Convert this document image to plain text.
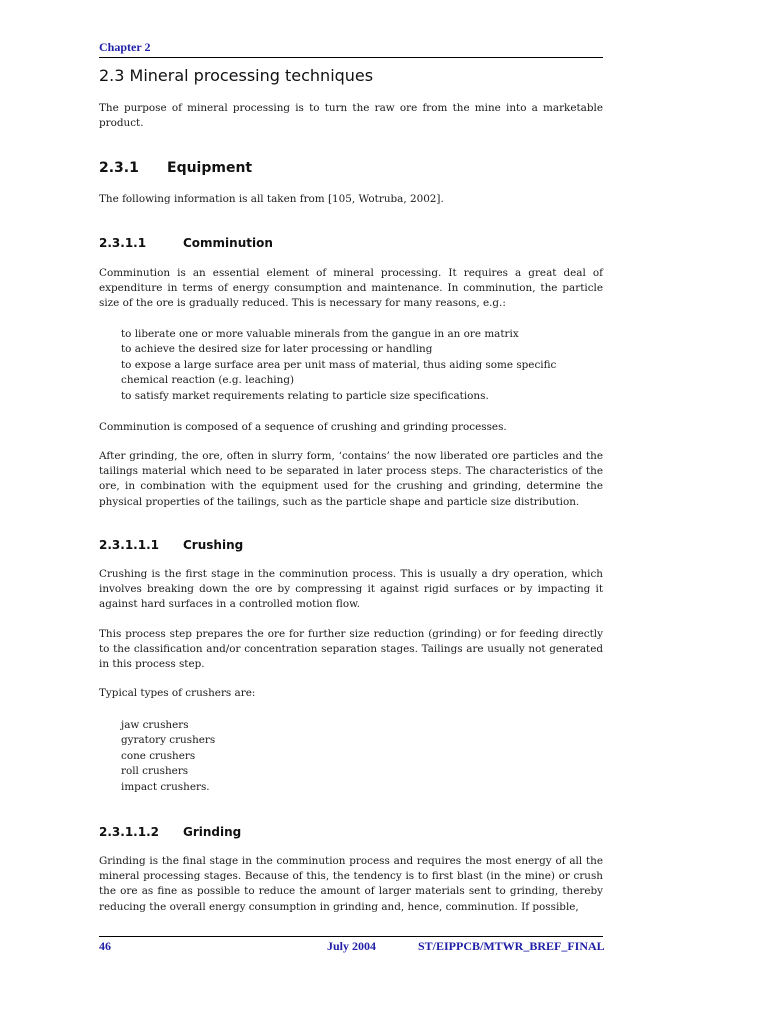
Chapter 2
2.3 Mineral processing techniques

The purpose of mineral processing is to turn the raw ore from the mine into a marketable product.

2.3.1 Equipment

The following information is all taken from [105, Wotruba, 2002].

2.3.1.1	Comminution

Comminution is an essential element of mineral processing. It requires a great deal of expenditure in terms of energy consumption and maintenance. In comminution, the particle size of the ore is gradually reduced. This is necessary for many reasons, e.g.:

to liberate one or more valuable minerals from the gangue in an ore matrix
to achieve the desired size for later processing or handling
to expose a large surface area per unit mass of material, thus aiding some specific chemical reaction (e.g. leaching)
to satisfy market requirements relating to particle size specifications.

Comminution is composed of a sequence of crushing and grinding processes.

After grinding, the ore, often in slurry form, ‘contains’ the now liberated ore particles and the tailings material which need to be separated in later process steps. The characteristics of the ore, in combination with the equipment used for the crushing and grinding, determine the physical properties of the tailings, such as the particle shape and particle size distribution.

2.3.1.1.1 Crushing

Crushing is the first stage in the comminution process. This is usually a dry operation, which involves breaking down the ore by compressing it against rigid surfaces or by impacting it against hard surfaces in a controlled motion flow.

This process step prepares the ore for further size reduction (grinding) or for feeding directly to the classification and/or concentration separation stages. Tailings are usually not generated in this process step.

Typical types of crushers are:

jaw crushers
gyratory crushers
cone crushers
roll crushers
impact crushers.
2.3.1.1.2 Grinding

Grinding is the final stage in the comminution process and requires the most energy of all the mineral processing stages. Because of this, the tendency is to first blast (in the mine) or crush the ore as fine as possible to reduce the amount of larger materials sent to grinding, thereby reducing the overall energy consumption in grinding and, hence, comminution. If possible,

46	July 2004	ST/EIPPCB/MTWR_BREF_FINAL
